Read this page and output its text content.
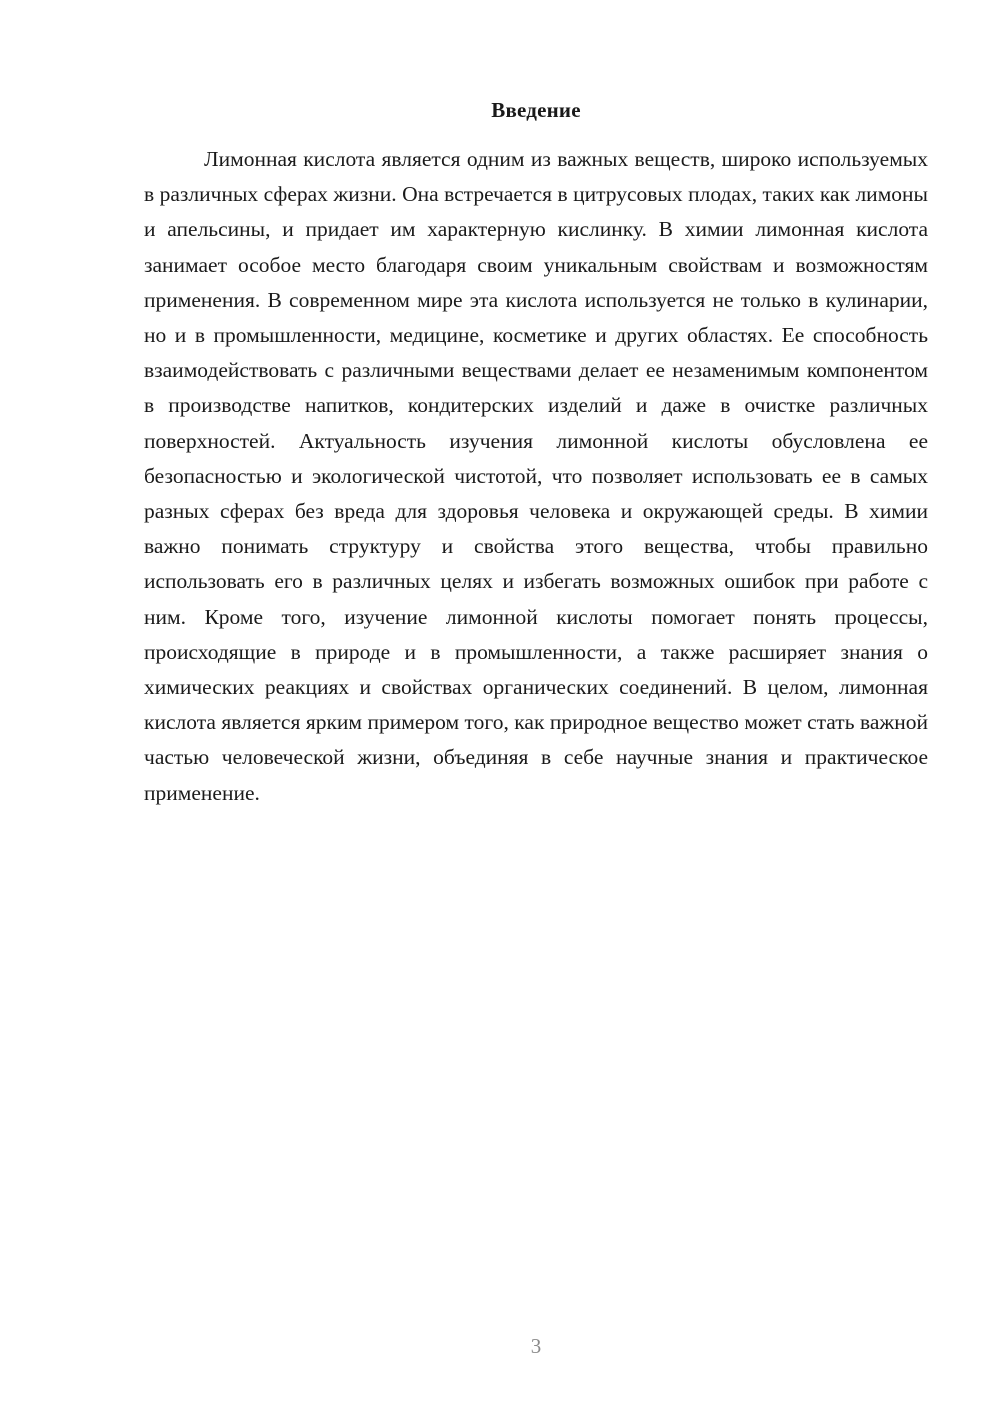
Введение

Лимонная кислота является одним из важных веществ, широко используемых в различных сферах жизни. Она встречается в цитрусовых плодах, таких как лимоны и апельсины, и придает им характерную кислинку. В химии лимонная кислота занимает особое место благодаря своим уникальным свойствам и возможностям применения. В современном мире эта кислота используется не только в кулинарии, но и в промышленности, медицине, косметике и других областях. Ее способность взаимодействовать с различными веществами делает ее незаменимым компонентом в производстве напитков, кондитерских изделий и даже в очистке различных поверхностей. Актуальность изучения лимонной кислоты обусловлена ее безопасностью и экологической чистотой, что позволяет использовать ее в самых разных сферах без вреда для здоровья человека и окружающей среды. В химии важно понимать структуру и свойства этого вещества, чтобы правильно использовать его в различных целях и избегать возможных ошибок при работе с ним. Кроме того, изучение лимонной кислоты помогает понять процессы, происходящие в природе и в промышленности, а также расширяет знания о химических реакциях и свойствах органических соединений. В целом, лимонная кислота является ярким примером того, как природное вещество может стать важной частью человеческой жизни, объединяя в себе научные знания и практическое применение.

3
